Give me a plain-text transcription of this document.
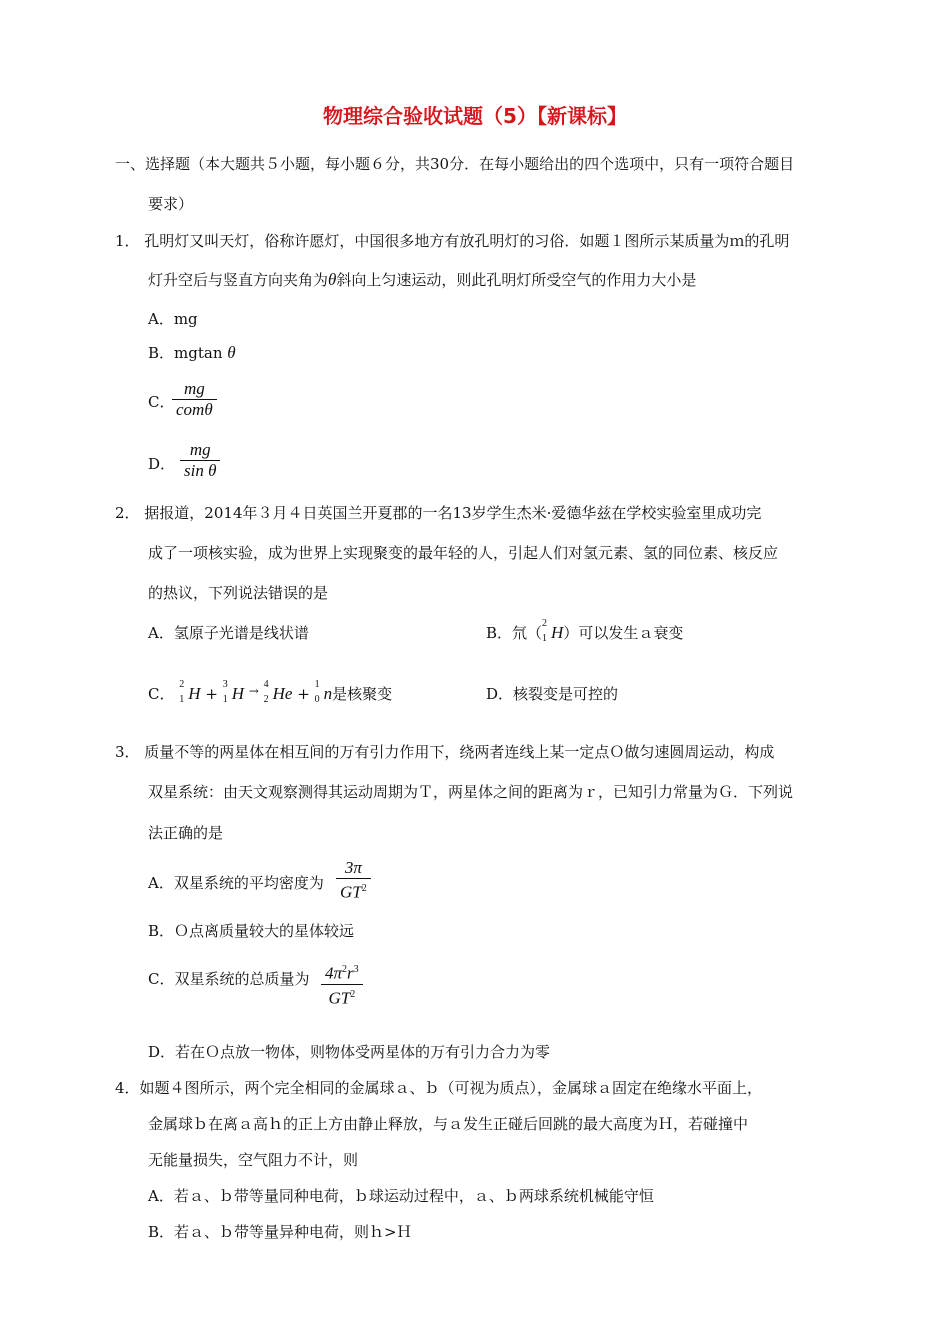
物理综合验收试题（5）【新课标】
一、选择题（本大题共５小题，每小题６分，共30分．在每小题给出的四个选项中，只有一项符合题目
要求）
1． 孔明灯又叫天灯，俗称许愿灯，中国很多地方有放孔明灯的习俗．如题１图所示某质量为ｍ的孔明
灯升空后与竖直方向夹角为θ斜向上匀速运动，则此孔明灯所受空气的作用力大小是
A．mg
B．mgtan θ
C．
mg
comθ
D．
mg
sin θ
2． 据报道，2014年３月４日英国兰开夏郡的一名13岁学生杰米·爱德华兹在学校实验室里成功完
成了一项核实验，成为世界上实现聚变的最年轻的人，引起人们对氢元素、氢的同位素、核反应
的热议，下列说法错误的是
A．氢原子光谱是线状谱	B．氘（
2
1 H）可以发生ａ衰变
C．
2
1 H +
3
1 H → 4
2 He +
1
0 n是核聚变	D．核裂变是可控的
3． 质量不等的两星体在相互间的万有引力作用下，绕两者连线上某一定点Ｏ做匀速圆周运动，构成
双星系统：由天文观察测得其运动周期为Ｔ，两星体之间的距离为ｒ，已知引力常量为Ｇ．下列说
法正确的是
A．双星系统的平均密度为
3π
$GT^2$
B．Ｏ点离质量较大的星体较远
C．双星系统的总质量为 $4\pi^2r^3$
$GT^2$
D．若在Ｏ点放一物体，则物体受两星体的万有引力合力为零
4．如题４图所示，两个完全相同的金属球ａ、ｂ（可视为质点），金属球ａ固定在绝缘水平面上，
金属球ｂ在离ａ高ｈ的正上方由静止释放，与ａ发生正碰后回跳的最大高度为Ｈ，若碰撞中
无能量损失，空气阻力不计，则
A．若ａ、ｂ带等量同种电荷，ｂ球运动过程中，ａ、ｂ两球系统机械能守恒
B．若ａ、ｂ带等量异种电荷，则ｈ>Ｈ
